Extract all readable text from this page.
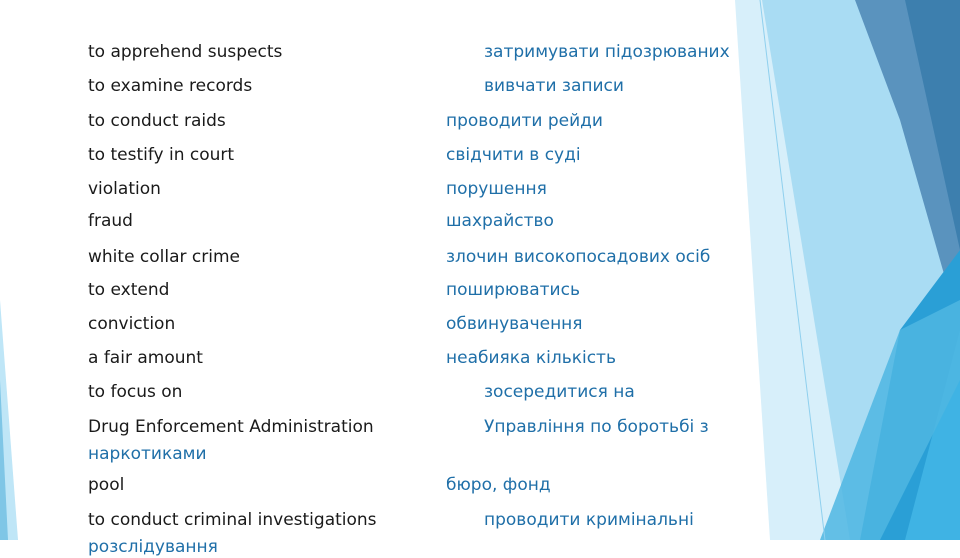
to apprehend suspects	затримувати підозрюваних
to examine records	вивчати записи
to conduct raids	проводити рейди
to testify in court	свідчити в суді
violation	порушення
fraud	шахрайство
white collar crime	злочин високопосадових осіб
to extend	поширюватись
conviction	обвинувачення
a fair amount	неабияка кількість
to focus on	зосередитися на
Drug Enforcement Administration	Управління по боротьбі з
наркотиками
pool	бюро, фонд
to conduct criminal investigations	проводити кримінальні
розслідування
